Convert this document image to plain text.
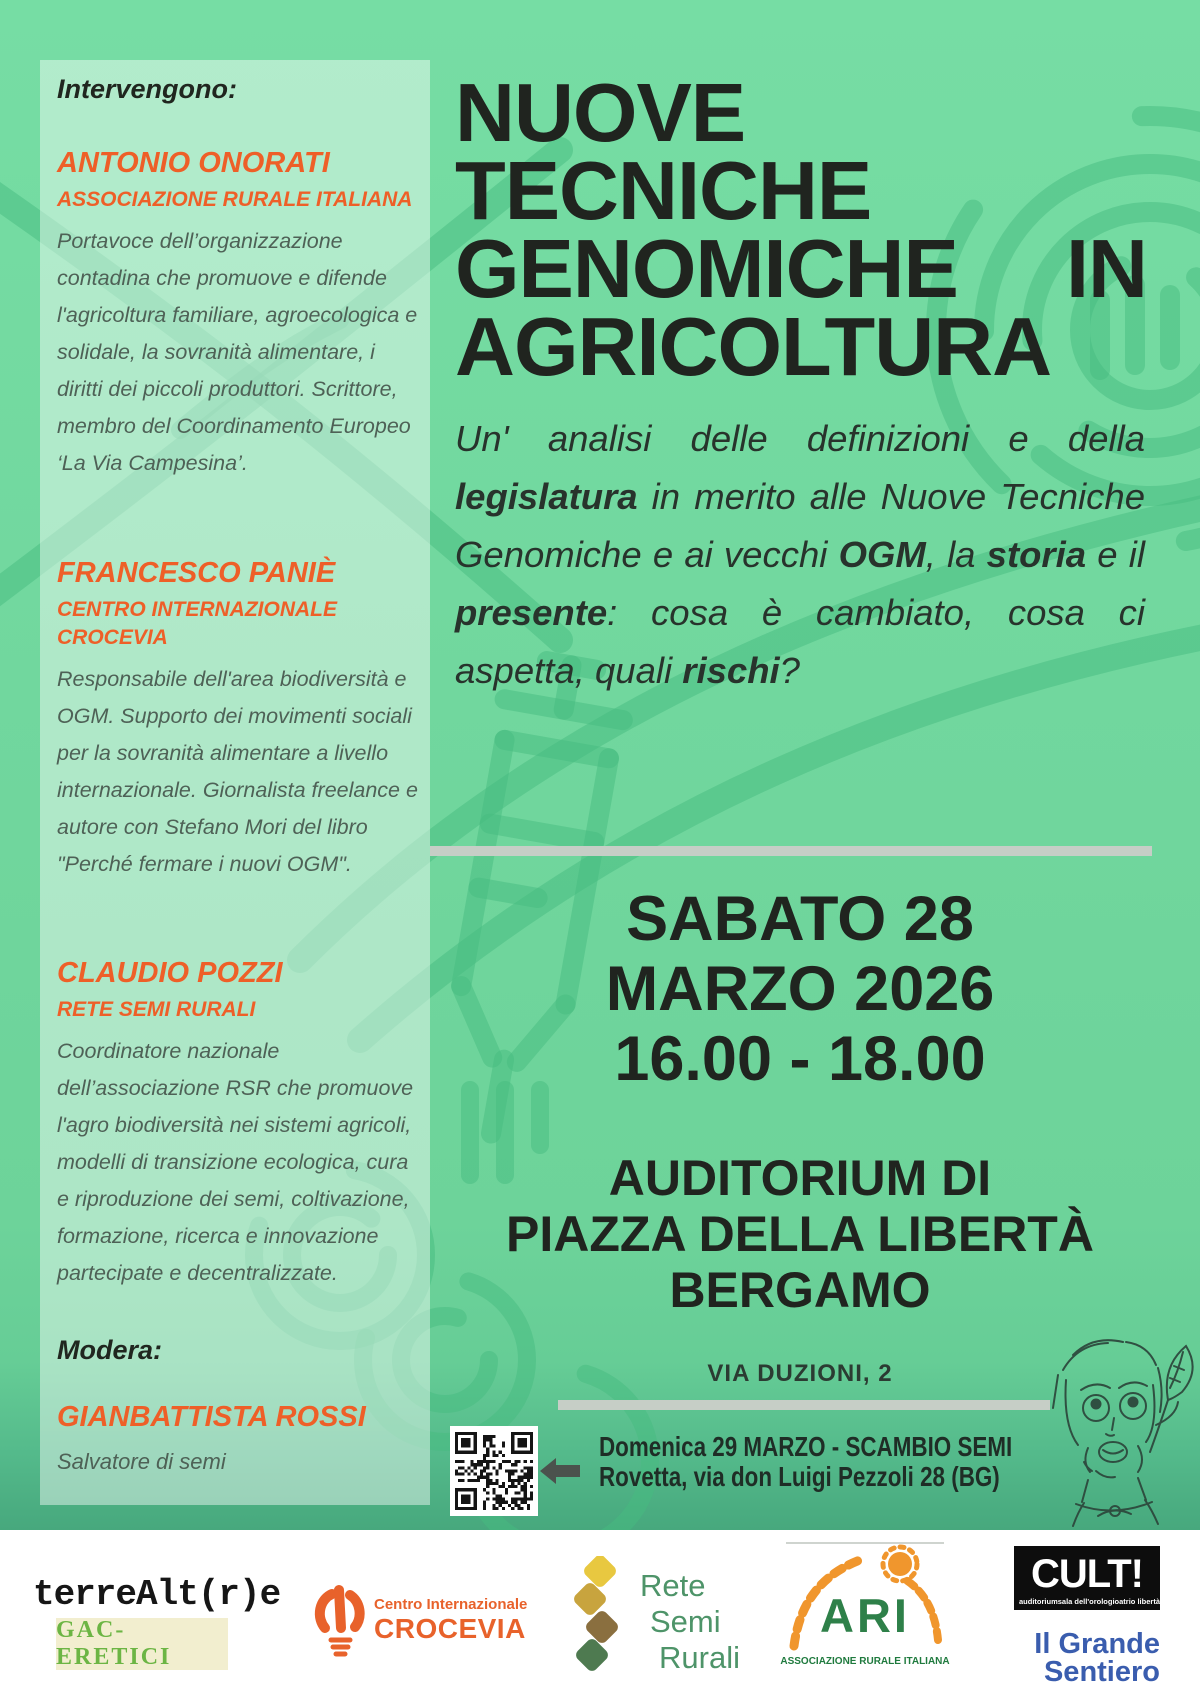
Intervengono:
ANTONIO ONORATI
ASSOCIAZIONE RURALE ITALIANA
Portavoce dell’organizzazione contadina che promuove e difende l'agricoltura familiare, agroecologica e solidale, la sovranità alimentare, i diritti dei piccoli produttori. Scrittore, membro del Coordinamento Europeo ‘La Via Campesina’.
FRANCESCO PANIÈ
CENTRO INTERNAZIONALE CROCEVIA
Responsabile dell'area biodiversità e OGM. Supporto dei movimenti sociali per la sovranità alimentare a livello internazionale. Giornalista freelance e autore con Stefano Mori del libro "Perché fermare i nuovi OGM".
CLAUDIO POZZI
RETE SEMI RURALI
Coordinatore nazionale dell’associazione RSR che promuove l'agro biodiversità nei sistemi agricoli, modelli di transizione ecologica, cura e riproduzione dei semi, coltivazione, formazione, ricerca e innovazione partecipate e decentralizzate.
Modera:
GIANBATTISTA ROSSI
Salvatore di semi
NUOVE
TECNICHE
GENOMICHE IN
AGRICOLTURA
Un' analisi delle definizioni e della legislatura in merito alle Nuove Tecniche Genomiche e ai vecchi OGM, la storia e il presente: cosa è cambiato, cosa ci aspetta, quali rischi?
SABATO 28
MARZO 2026
16.00 - 18.00
AUDITORIUM DI
PIAZZA DELLA LIBERTÀ
BERGAMO
VIA DUZIONI, 2
Domenica 29 MARZO - SCAMBIO SEMI
Rovetta, via don Luigi Pezzoli 28 (BG)
terreAlt(r)e
GAC-ERETICI
Centro Internazionale
CROCEVIA
Rete
Semi
Rurali
ARI
ASSOCIAZIONE RURALE ITALIANA
CULT!
auditorium sala dell'orologio atrio libertà
Il Grande
Sentiero
